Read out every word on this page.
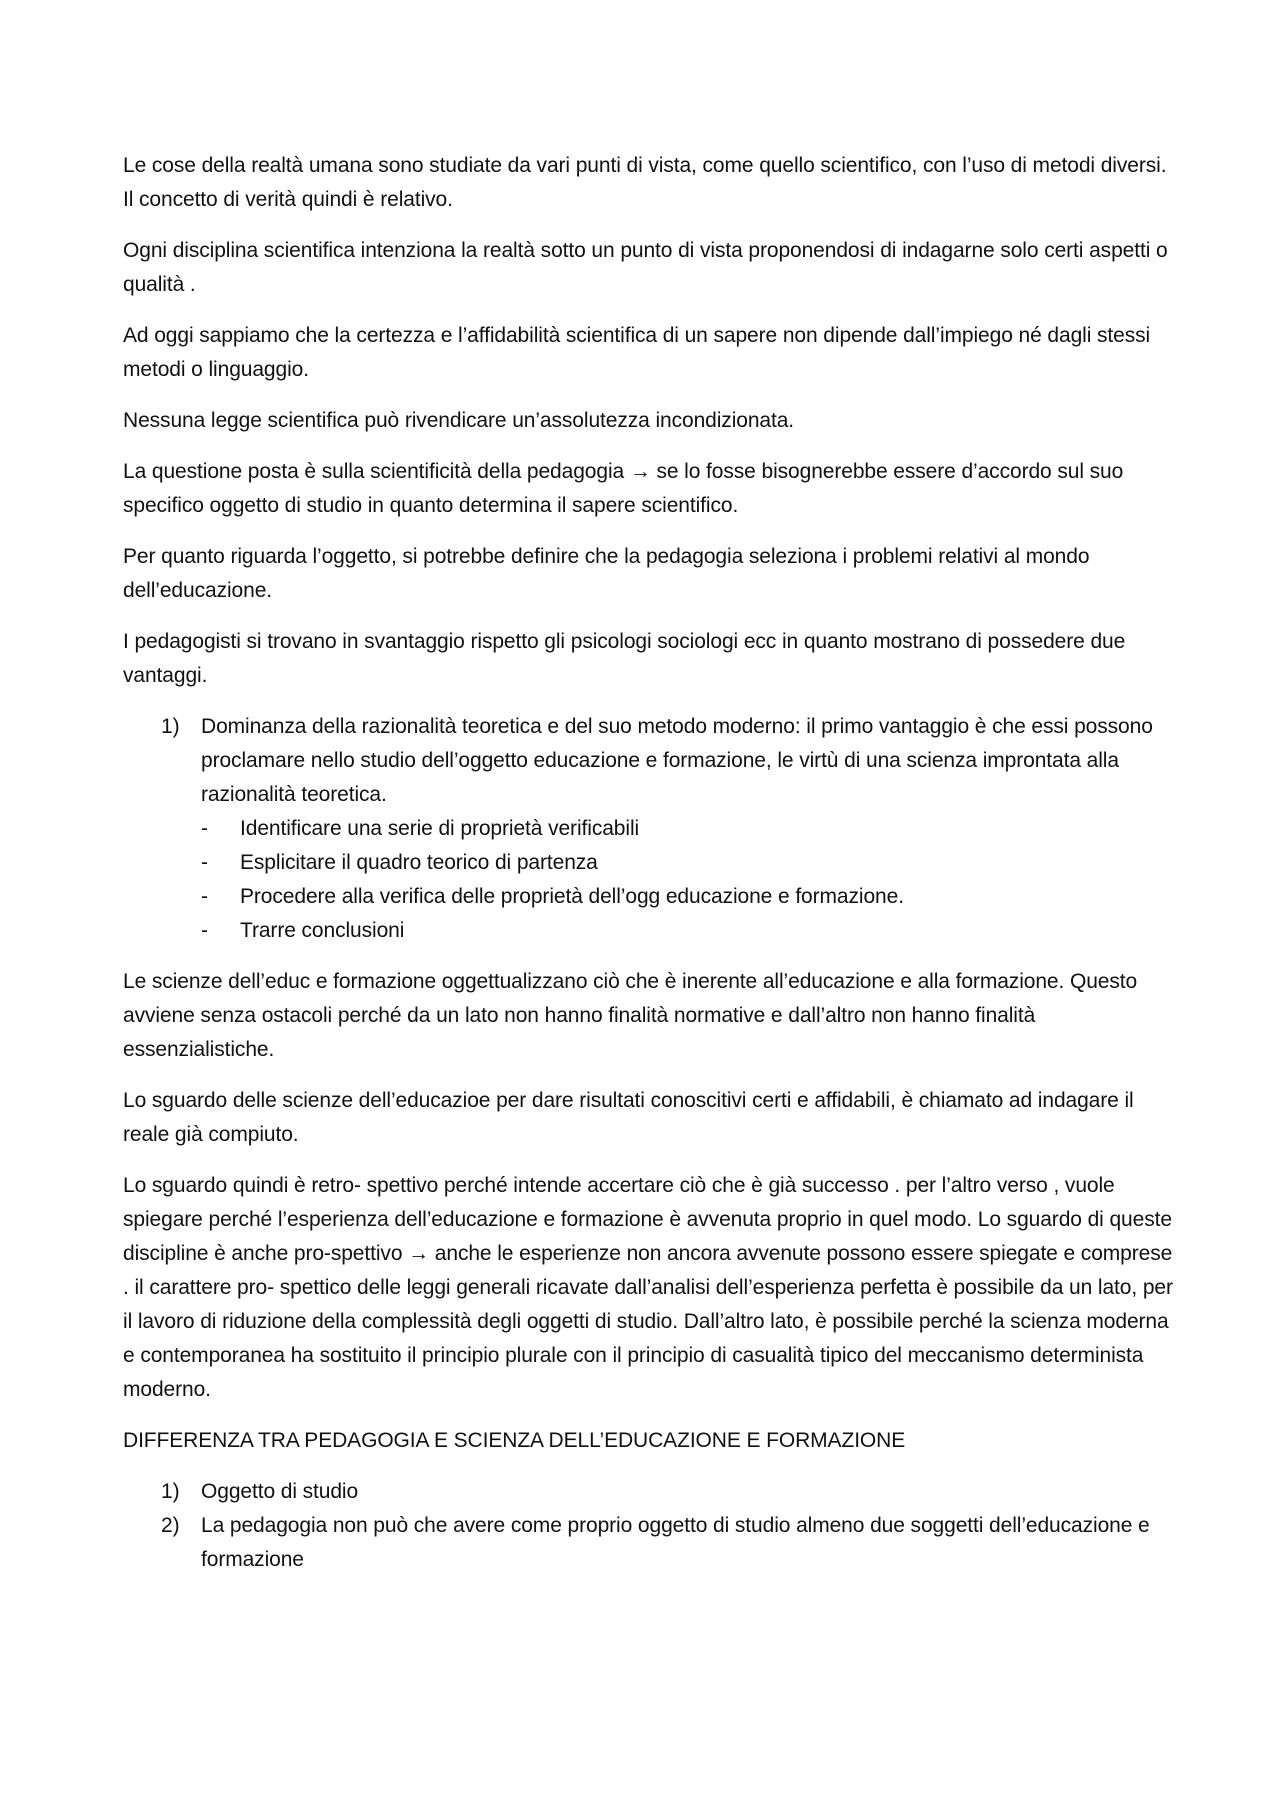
Le cose della realtà umana sono studiate da vari punti di vista, come quello scientifico, con l’uso di metodi diversi. Il concetto di verità quindi è relativo.

Ogni disciplina scientifica intenziona la realtà sotto un punto di vista proponendosi di indagarne solo certi aspetti o qualità .

Ad oggi sappiamo che la certezza e l’affidabilità scientifica di un sapere non dipende dall’impiego né dagli stessi metodi o linguaggio.

Nessuna legge scientifica può rivendicare un’assolutezza incondizionata.

La questione posta è sulla scientificità della pedagogia → se lo fosse bisognerebbe essere d’accordo sul suo specifico oggetto di studio in quanto determina il sapere scientifico.

Per quanto riguarda l’oggetto, si potrebbe definire che la pedagogia seleziona i problemi relativi al mondo dell’educazione.

I pedagogisti si trovano in svantaggio rispetto gli psicologi sociologi ecc in quanto mostrano di possedere due vantaggi.

1) Dominanza della razionalità teoretica e del suo metodo moderno: il primo vantaggio è che essi possono proclamare nello studio dell’oggetto educazione e formazione, le virtù di una scienza improntata alla razionalità teoretica.
- Identificare una serie di proprietà verificabili
- Esplicitare il quadro teorico di partenza
- Procedere alla verifica delle proprietà dell’ogg educazione e formazione.
- Trarre conclusioni

Le scienze dell’educ e formazione oggettualizzano ciò che è inerente all’educazione e alla formazione. Questo avviene senza ostacoli perché da un lato non hanno finalità normative e dall’altro non hanno finalità essenzialistiche.

Lo sguardo delle scienze dell’educazioe per dare risultati conoscitivi certi e affidabili, è chiamato ad indagare il reale già compiuto.

Lo sguardo quindi è retro- spettivo perché intende accertare ciò che è già successo . per l’altro verso , vuole spiegare perché l’esperienza dell’educazione e formazione è avvenuta proprio in quel modo. Lo sguardo di queste discipline è anche pro-spettivo → anche le esperienze non ancora avvenute possono essere spiegate e comprese . il carattere pro- spettico delle leggi generali ricavate dall’analisi dell’esperienza perfetta è possibile da un lato, per il lavoro di riduzione della complessità degli oggetti di studio. Dall’altro lato, è possibile perché la scienza moderna e contemporanea ha sostituito il principio plurale con il principio di casualità tipico del meccanismo determinista moderno.

DIFFERENZA TRA PEDAGOGIA E SCIENZA DELL’EDUCAZIONE E FORMAZIONE

1) Oggetto di studio
2) La pedagogia non può che avere come proprio oggetto di studio almeno due soggetti dell’educazione e formazione
